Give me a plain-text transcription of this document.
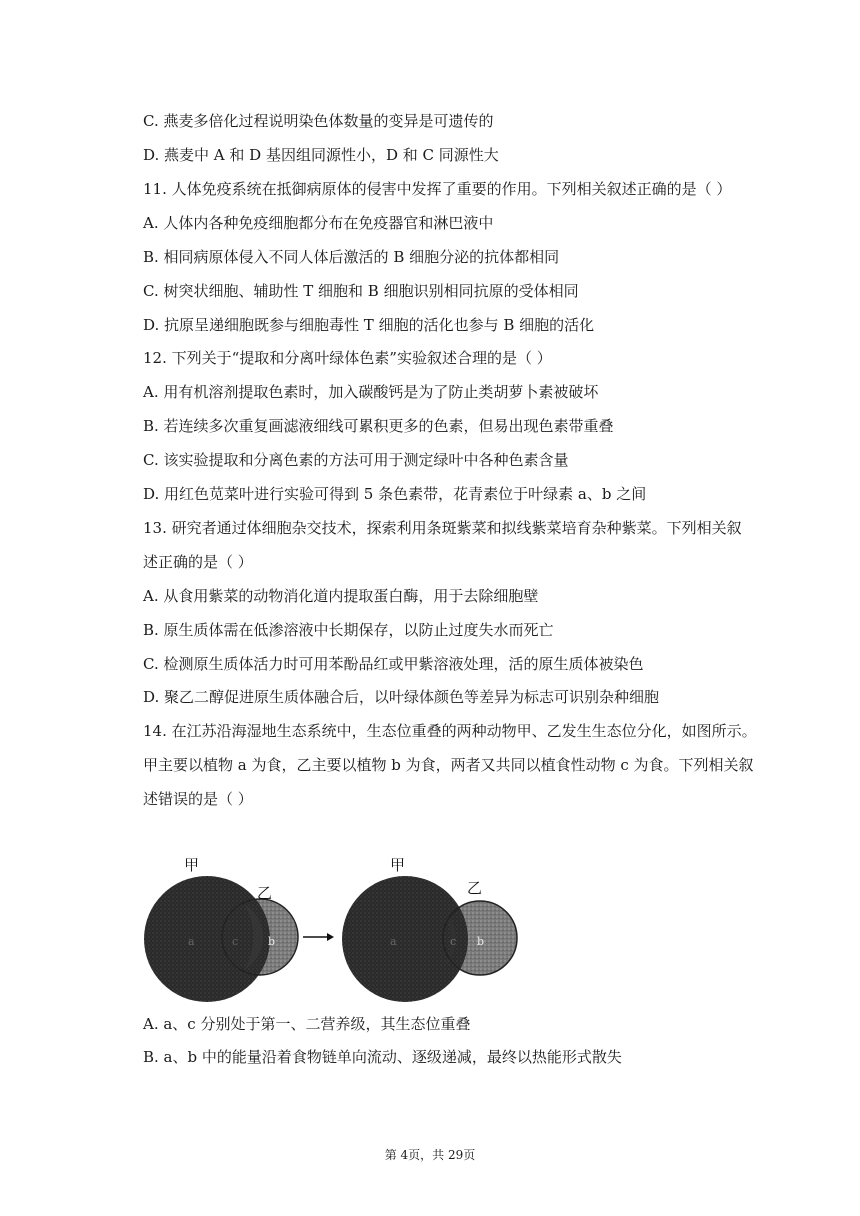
C. 燕麦多倍化过程说明染色体数量的变异是可遗传的
D. 燕麦中 A 和 D 基因组同源性小，D 和 C 同源性大
11. 人体免疫系统在抵御病原体的侵害中发挥了重要的作用。下列相关叙述正确的是（ ）
A. 人体内各种免疫细胞都分布在免疫器官和淋巴液中
B. 相同病原体侵入不同人体后激活的 B 细胞分泌的抗体都相同
C. 树突状细胞、辅助性 T 细胞和 B 细胞识别相同抗原的受体相同
D. 抗原呈递细胞既参与细胞毒性 T 细胞的活化也参与 B 细胞的活化
12. 下列关于“提取和分离叶绿体色素”实验叙述合理的是（ ）
A. 用有机溶剂提取色素时，加入碳酸钙是为了防止类胡萝卜素被破坏
B. 若连续多次重复画滤液细线可累积更多的色素，但易出现色素带重叠
C. 该实验提取和分离色素的方法可用于测定绿叶中各种色素含量
D. 用红色苋菜叶进行实验可得到 5 条色素带，花青素位于叶绿素 a、b 之间
13. 研究者通过体细胞杂交技术，探索利用条斑紫菜和拟线紫菜培育杂种紫菜。下列相关叙
述正确的是（ ）
A. 从食用紫菜的动物消化道内提取蛋白酶，用于去除细胞壁
B. 原生质体需在低渗溶液中长期保存，以防止过度失水而死亡
C. 检测原生质体活力时可用苯酚品红或甲紫溶液处理，活的原生质体被染色
D. 聚乙二醇促进原生质体融合后，以叶绿体颜色等差异为标志可识别杂种细胞
14. 在江苏沿海湿地生态系统中，生态位重叠的两种动物甲、乙发生生态位分化，如图所示。
甲主要以植物 a 为食，乙主要以植物 b 为食，两者又共同以植食性动物 c 为食。下列相关叙
述错误的是（ ）
甲
乙
a	c	b
甲
乙
a	c b
A. a、c 分别处于第一、二营养级，其生态位重叠
B. a、b 中的能量沿着食物链单向流动、逐级递减，最终以热能形式散失
第 4页，共 29页
